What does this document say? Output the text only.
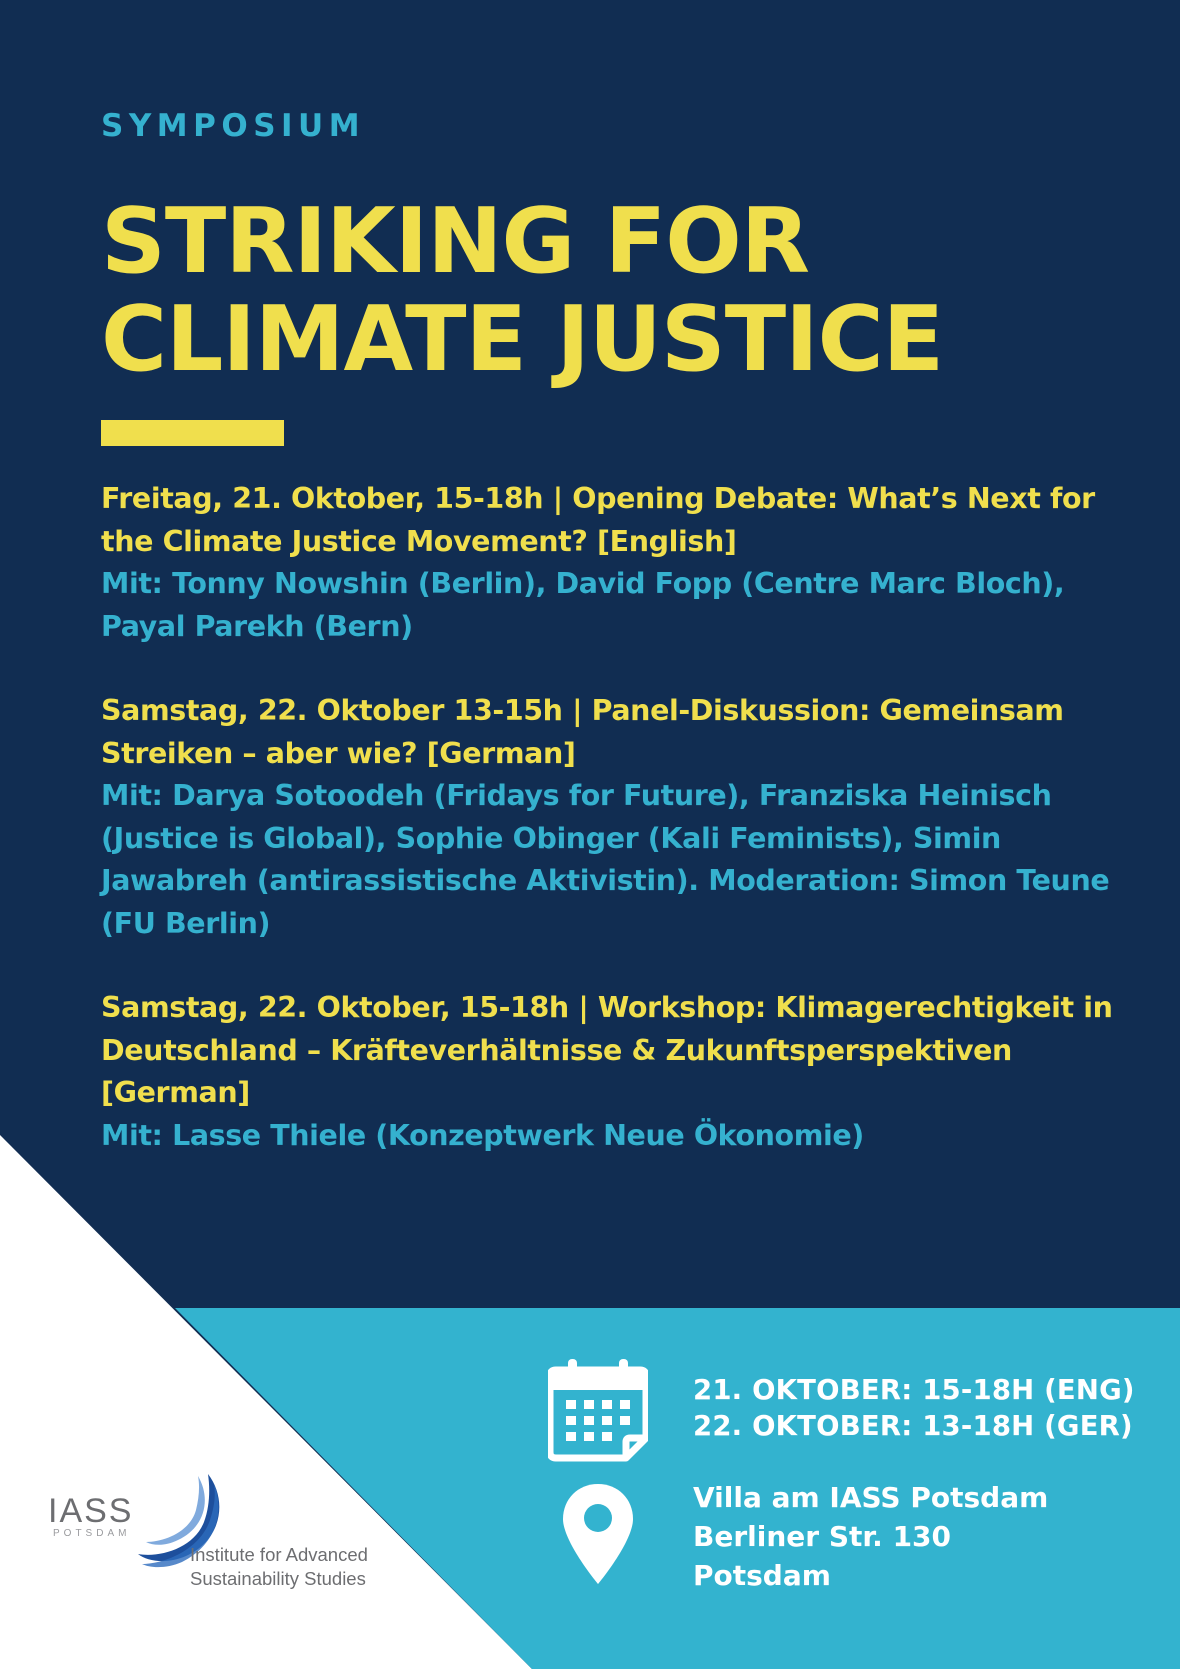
SYMPOSIUM

STRIKING FOR
CLIMATE JUSTICE

Freitag, 21. Oktober, 15-18h | Opening Debate: What’s Next for the Climate Justice Movement? [English]

Mit: Tonny Nowshin (Berlin), David Fopp (Centre Marc Bloch), Payal Parekh (Bern)

Samstag, 22. Oktober 13-15h | Panel-Diskussion: Gemeinsam Streiken – aber wie? [German]

Mit: Darya Sotoodeh (Fridays for Future), Franziska Heinisch (Justice is Global), Sophie Obinger (Kali Feminists), Simin Jawabreh (antirassistische Aktivistin). Moderation: Simon Teune (FU Berlin)

Samstag, 22. Oktober, 15-18h | Workshop: Klimagerechtigkeit in Deutschland – Kräfteverhältnisse & Zukunftsperspektiven [German]

Mit: Lasse Thiele (Konzeptwerk Neue Ökonomie)

21. OKTOBER: 15-18H (ENG)
22. OKTOBER: 13-18H (GER)

Villa am IASS Potsdam
Berliner Str. 130
Potsdam

IASS

POTSDAM

Institute for Advanced
Sustainability Studies
